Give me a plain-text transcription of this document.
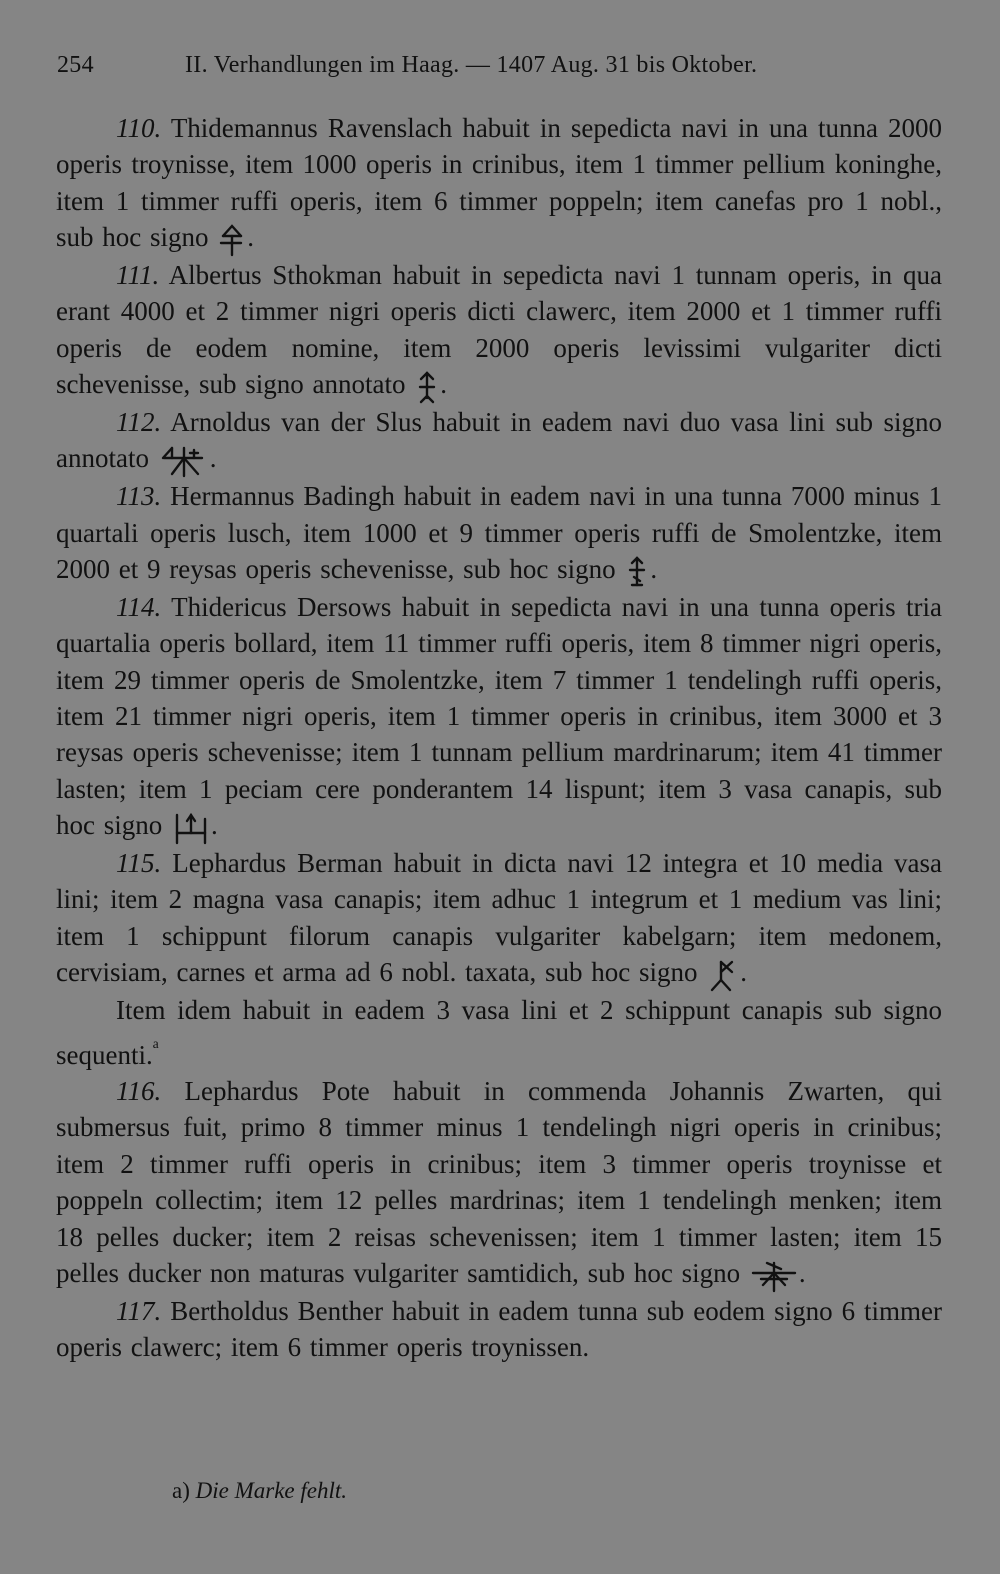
254	II. Verhandlungen im Haag. — 1407 Aug. 31 bis Oktober.

110. Thidemannus Ravenslach habuit in sepedicta navi in una tunna 2000 operis troynisse, item 1000 operis in crinibus, item 1 timmer pellium koninghe, item 1 timmer ruffi operis, item 6 timmer poppeln; item canefas pro 1 nobl., sub hoc signo .

111. Albertus Sthokman habuit in sepedicta navi 1 tunnam operis, in qua erant 4000 et 2 timmer nigri operis dicti clawerc, item 2000 et 1 timmer ruffi operis de eodem nomine, item 2000 operis levissimi vulgariter dicti schevenisse, sub signo annotato .

112. Arnoldus van der Slus habuit in eadem navi duo vasa lini sub signo annotato .

113. Hermannus Badingh habuit in eadem navi in una tunna 7000 minus 1 quartali operis lusch, item 1000 et 9 timmer operis ruffi de Smolentzke, item 2000 et 9 reysas operis schevenisse, sub hoc signo .

114. Thidericus Dersows habuit in sepedicta navi in una tunna operis tria quartalia operis bollard, item 11 timmer ruffi operis, item 8 timmer nigri operis, item 29 timmer operis de Smolentzke, item 7 timmer 1 tendelingh ruffi operis, item 21 timmer nigri operis, item 1 timmer operis in crinibus, item 3000 et 3 reysas operis schevenisse; item 1 tunnam pellium mardrinarum; item 41 timmer lasten; item 1 peciam cere ponderantem 14 lispunt; item 3 vasa canapis, sub hoc signo .

115. Lephardus Berman habuit in dicta navi 12 integra et 10 media vasa lini; item 2 magna vasa canapis; item adhuc 1 integrum et 1 medium vas lini; item 1 schippunt filorum canapis vulgariter kabelgarn; item medonem, cervisiam, carnes et arma ad 6 nobl. taxata, sub hoc signo .

Item idem habuit in eadem 3 vasa lini et 2 schippunt canapis sub signo sequenti.$^ᵃ$

116. Lephardus Pote habuit in commenda Johannis Zwarten, qui submersus fuit, primo 8 timmer minus 1 tendelingh nigri operis in crinibus; item 2 timmer ruffi operis in crinibus; item 3 timmer operis troynisse et poppeln collectim; item 12 pelles mardrinas; item 1 tendelingh menken; item 18 pelles ducker; item 2 reisas schevenissen; item 1 timmer lasten; item 15 pelles ducker non maturas vulgariter samtidich, sub hoc signo .

117. Bertholdus Benther habuit in eadem tunna sub eodem signo 6 timmer operis clawerc; item 6 timmer operis troynissen.

a) Die Marke fehlt.
